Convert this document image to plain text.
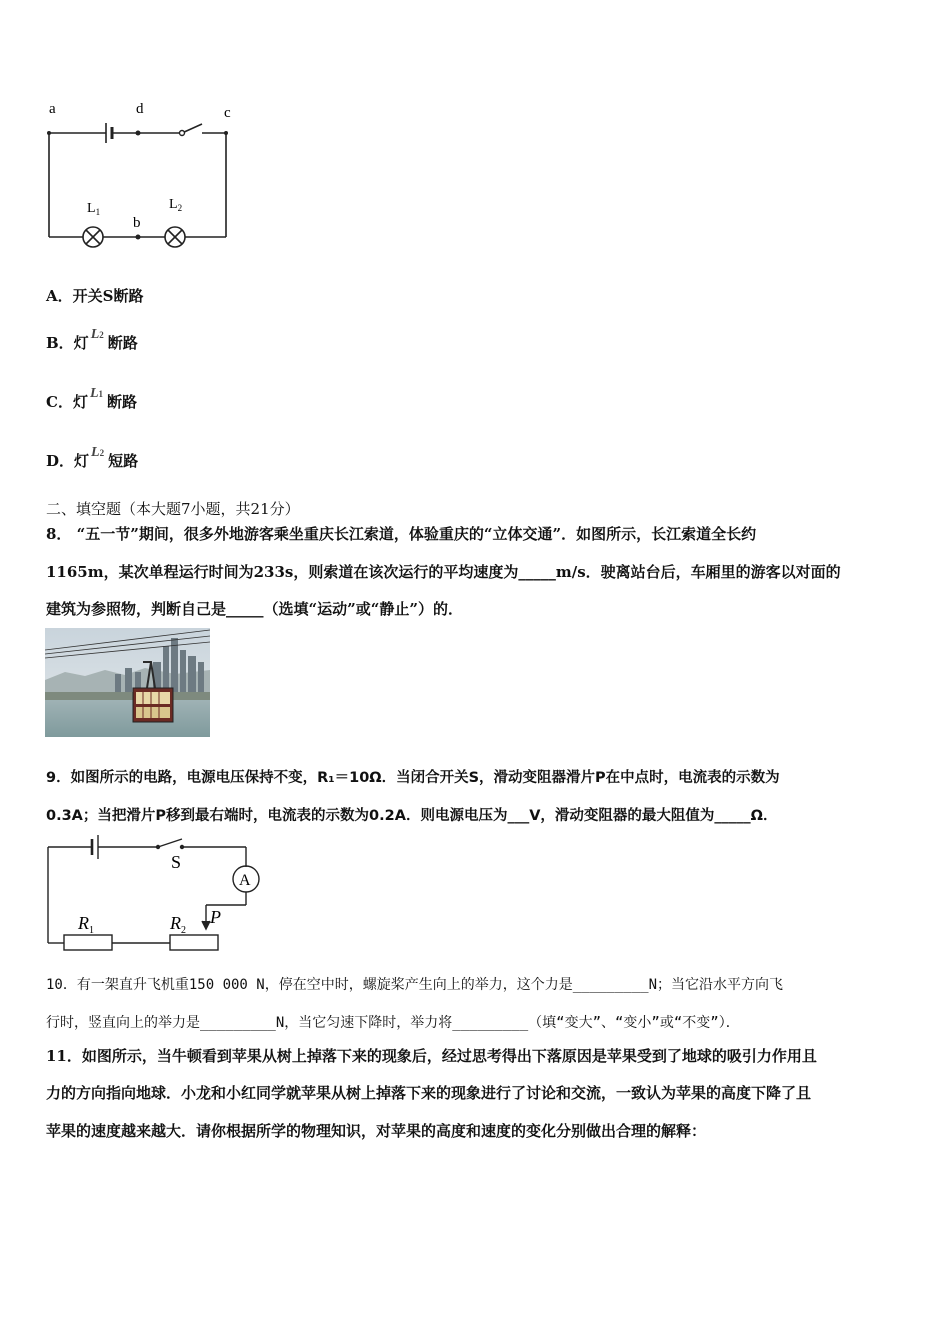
a	d	c
b
$L_1$	$L_2$
A．开关S断路
B．灯 L2 断路
C．灯 L1 断路
D．灯 L2 短路
二、填空题（本大题7小题，共21分）
8． “五一节”期间，很多外地游客乘坐重庆长江索道，体验重庆的“立体交通”．如图所示，长江索道全长约
1165m，某次单程运行时间为233s，则索道在该次运行的平均速度为_____m/s．驶离站台后，车厢里的游客以对面的
建筑为参照物，判断自己是_____（选填“运动”或“静止”）的．
9．如图所示的电路，电源电压保持不变，R₁＝10Ω．当闭合开关S，滑动变阻器滑片P在中点时，电流表的示数为
0.3A；当把滑片P移到最右端时，电流表的示数为0.2A．则电源电压为___V，滑动变阻器的最大阻值为_____Ω．
S
A
$R_1$	$R_2$
P
10．有一架直升飞机重150 000 N，停在空中时，螺旋桨产生向上的举力，这个力是_________N；当它沿水平方向飞
行时，竖直向上的举力是_________N，当它匀速下降时，举力将_________（填“变大”、“变小”或“不变”）．
11．如图所示，当牛顿看到苹果从树上掉落下来的现象后，经过思考得出下落原因是苹果受到了地球的吸引力作用且
力的方向指向地球．小龙和小红同学就苹果从树上掉落下来的现象进行了讨论和交流，一致认为苹果的高度下降了且
苹果的速度越来越大．请你根据所学的物理知识，对苹果的高度和速度的变化分别做出合理的解释：
